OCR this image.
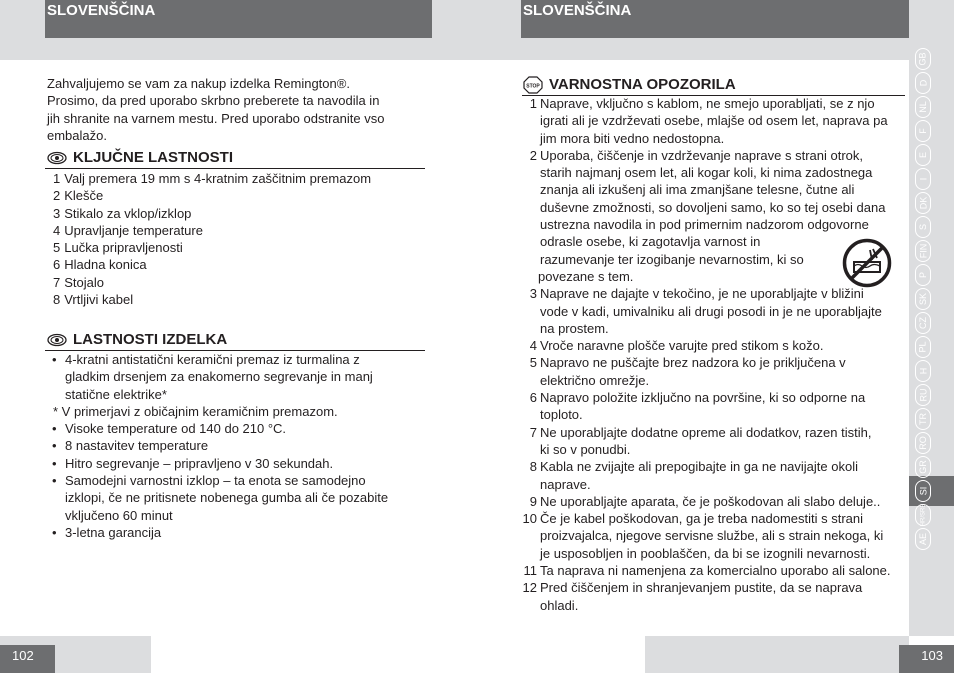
SLOVENŠČINA	SLOVENŠČINA
GB
D
NL
F
E
I
DK
S
FIN
P
SK
CZ
PL
H
RU
TR
RO
GR
SI
HR/SRB
AE
Zahvaljujemo se vam za nakup izdelka Remington®.
Prosimo, da pred uporabo skrbno preberete ta navodila in
jih shranite na varnem mestu. Pred uporabo odstranite vso
embalažo.
KLJUČNE LASTNOSTI
1 Valj premera 19 mm s 4-kratnim zaščitnim premazom
2 Klešče
3 Stikalo za vklop/izklop
4 Upravljanje temperature
5 Lučka pripravljenosti
6 Hladna konica
7 Stojalo
8 Vrtljivi kabel
LASTNOSTI IZDELKA
• 4-kratni antistatični keramični premaz iz turmalina z
gladkim drsenjem za enakomerno segrevanje in manj
statične elektrike*
* V primerjavi z običajnim keramičnim premazom.
• Visoke temperature od 140 do 210 °C.
• 8 nastavitev temperature
• Hitro segrevanje – pripravljeno v 30 sekundah.
• Samodejni varnostni izklop – ta enota se samodejno
izklopi, če ne pritisnete nobenega gumba ali če pozabite
vključeno 60 minut
• 3-letna garancija
STOP VARNOSTNA OPOZORILA
1 Naprave, vključno s kablom, ne smejo uporabljati, se z njo
igrati ali je vzdrževati osebe, mlajše od osem let, naprava pa
jim mora biti vedno nedostopna.
2 Uporaba, čiščenje in vzdrževanje naprave s strani otrok,
starih najmanj osem let, ali kogar koli, ki nima zadostnega
znanja ali izkušenj ali ima zmanjšane telesne, čutne ali
duševne zmožnosti, so dovoljeni samo, ko so tej osebi dana
ustrezna navodila in pod primernim nadzorom odgovorne
odrasle osebe, ki zagotavlja varnost in
razumevanje ter izogibanje nevarnostim, ki so
povezane s tem.
3 Naprave ne dajajte v tekočino, je ne uporabljajte v bližini
vode v kadi, umivalniku ali drugi posodi in je ne uporabljajte
na prostem.
4 Vroče naravne plošče varujte pred stikom s kožo.
5 Napravo ne puščajte brez nadzora ko je priključena v
električno omrežje.
6 Napravo položite izključno na površine, ki so odporne na
toploto.
7 Ne uporabljajte dodatne opreme ali dodatkov, razen tistih,
ki so v ponudbi.
8 Kabla ne zvijajte ali prepogibajte in ga ne navijajte okoli
naprave.
9 Ne uporabljajte aparata, če je poškodovan ali slabo deluje..
10 Če je kabel poškodovan, ga je treba nadomestiti s strani
proizvajalca, njegove servisne službe, ali s strain nekoga, ki
je usposobljen in pooblaščen, da bi se izognili nevarnosti.
11 Ta naprava ni namenjena za komercialno uporabo ali salone.
12 Pred čiščenjem in shranjevanjem pustite, da se naprava
ohladi.
102	103
